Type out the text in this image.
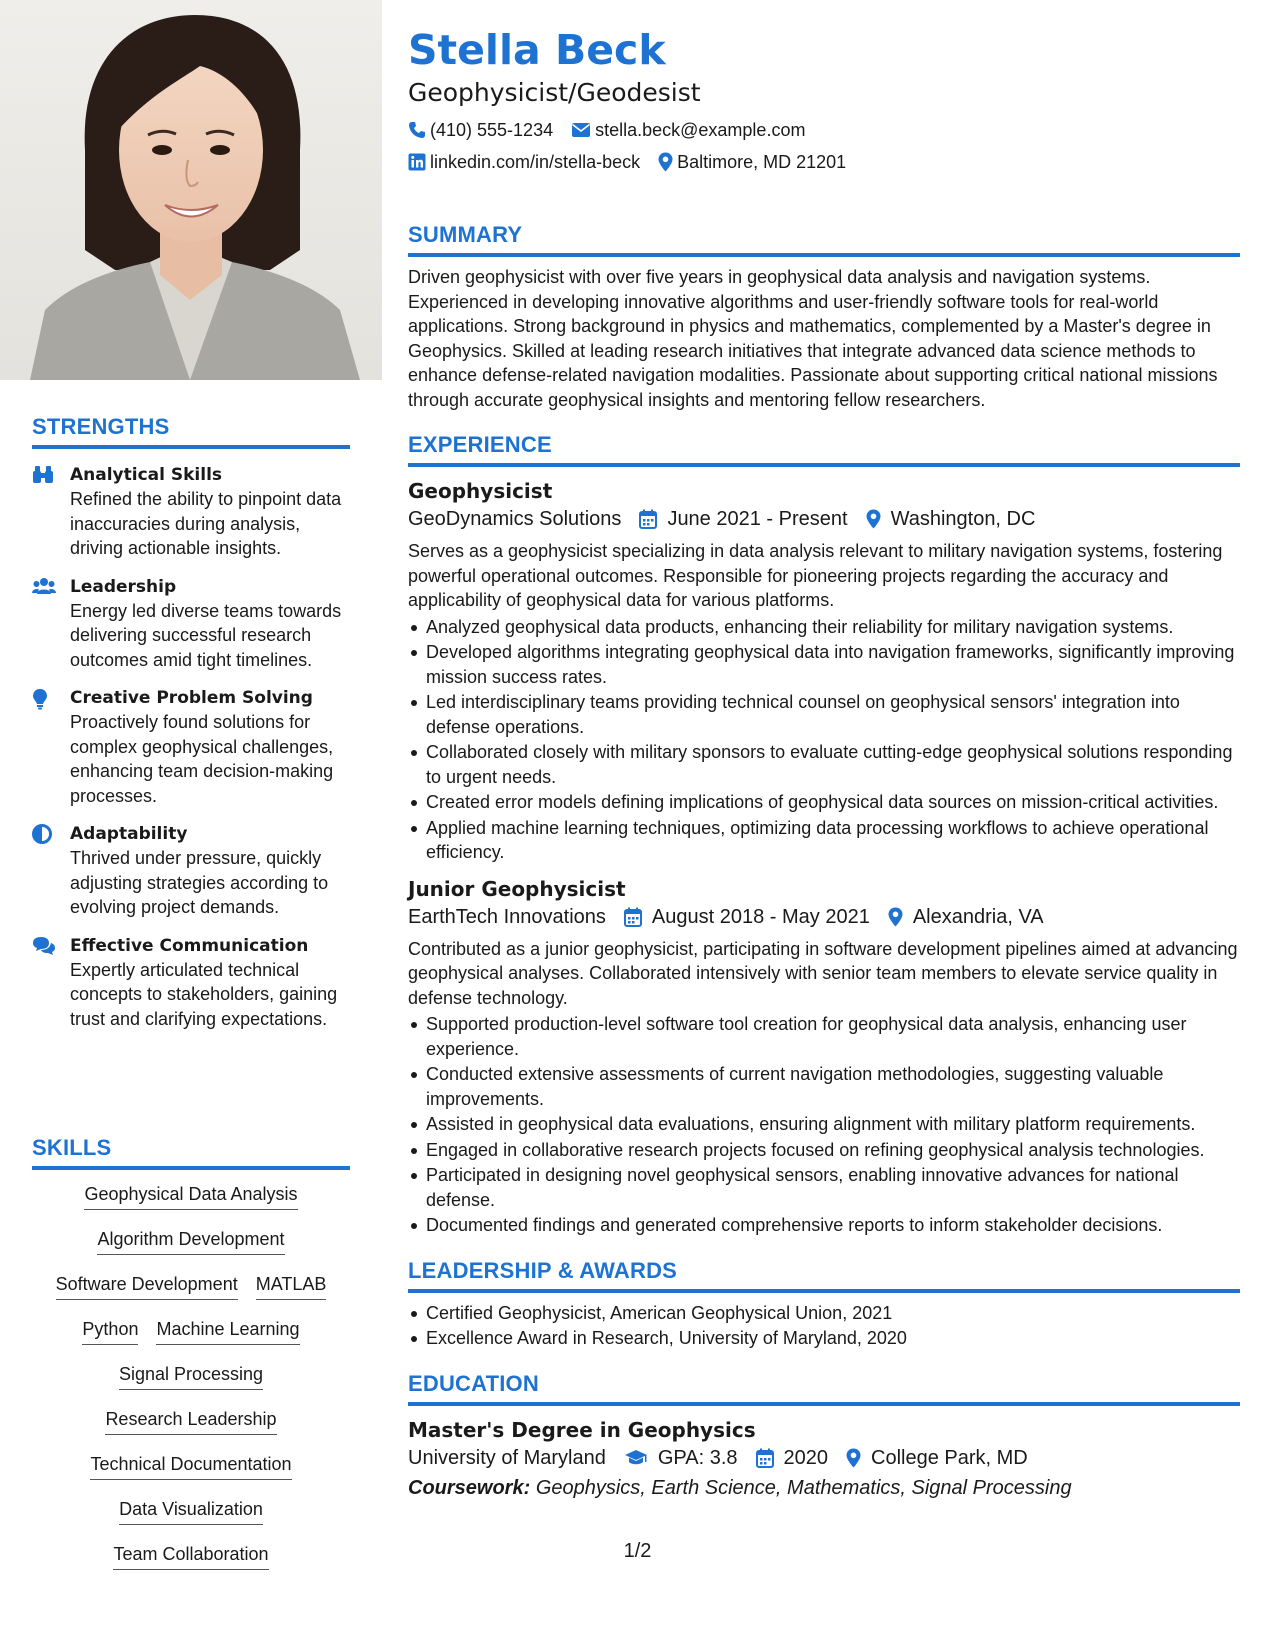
STRENGTHS
Analytical Skills
Refined the ability to pinpoint data inaccuracies during analysis, driving actionable insights.
Leadership
Energy led diverse teams towards delivering successful research outcomes amid tight timelines.
Creative Problem Solving
Proactively found solutions for complex geophysical challenges, enhancing team decision-making processes.
Adaptability
Thrived under pressure, quickly adjusting strategies according to evolving project demands.
Effective Communication
Expertly articulated technical concepts to stakeholders, gaining trust and clarifying expectations.
SKILLS
Geophysical Data Analysis
Algorithm Development
Software Development MATLAB
Python Machine Learning
Signal Processing
Research Leadership
Technical Documentation
Data Visualization
Team Collaboration
Stella Beck
Geophysicist/Geodesist
(410) 555-1234 stella.beck@example.com
linkedin.com/in/stella-beck Baltimore, MD 21201
SUMMARY
Driven geophysicist with over five years in geophysical data analysis and navigation systems. Experienced in developing innovative algorithms and user-friendly software tools for real-world applications. Strong background in physics and mathematics, complemented by a Master's degree in Geophysics. Skilled at leading research initiatives that integrate advanced data science methods to enhance defense-related navigation modalities. Passionate about supporting critical national missions through accurate geophysical insights and mentoring fellow researchers.
EXPERIENCE
Geophysicist
GeoDynamics Solutions June 2021 - Present Washington, DC
Serves as a geophysicist specializing in data analysis relevant to military navigation systems, fostering powerful operational outcomes. Responsible for pioneering projects regarding the accuracy and applicability of geophysical data for various platforms.
Analyzed geophysical data products, enhancing their reliability for military navigation systems.
Developed algorithms integrating geophysical data into navigation frameworks, significantly improving mission success rates.
Led interdisciplinary teams providing technical counsel on geophysical sensors' integration into defense operations.
Collaborated closely with military sponsors to evaluate cutting-edge geophysical solutions responding to urgent needs.
Created error models defining implications of geophysical data sources on mission-critical activities.
Applied machine learning techniques, optimizing data processing workflows to achieve operational efficiency.
Junior Geophysicist
EarthTech Innovations August 2018 - May 2021 Alexandria, VA
Contributed as a junior geophysicist, participating in software development pipelines aimed at advancing geophysical analyses. Collaborated intensively with senior team members to elevate service quality in defense technology.
Supported production-level software tool creation for geophysical data analysis, enhancing user experience.
Conducted extensive assessments of current navigation methodologies, suggesting valuable improvements.
Assisted in geophysical data evaluations, ensuring alignment with military platform requirements.
Engaged in collaborative research projects focused on refining geophysical analysis technologies.
Participated in designing novel geophysical sensors, enabling innovative advances for national defense.
Documented findings and generated comprehensive reports to inform stakeholder decisions.
LEADERSHIP & AWARDS
Certified Geophysicist, American Geophysical Union, 2021
Excellence Award in Research, University of Maryland, 2020
EDUCATION
Master's Degree in Geophysics
University of Maryland	GPA: 3.8 2020 College Park, MD
Coursework: Geophysics, Earth Science, Mathematics, Signal Processing
1/2
